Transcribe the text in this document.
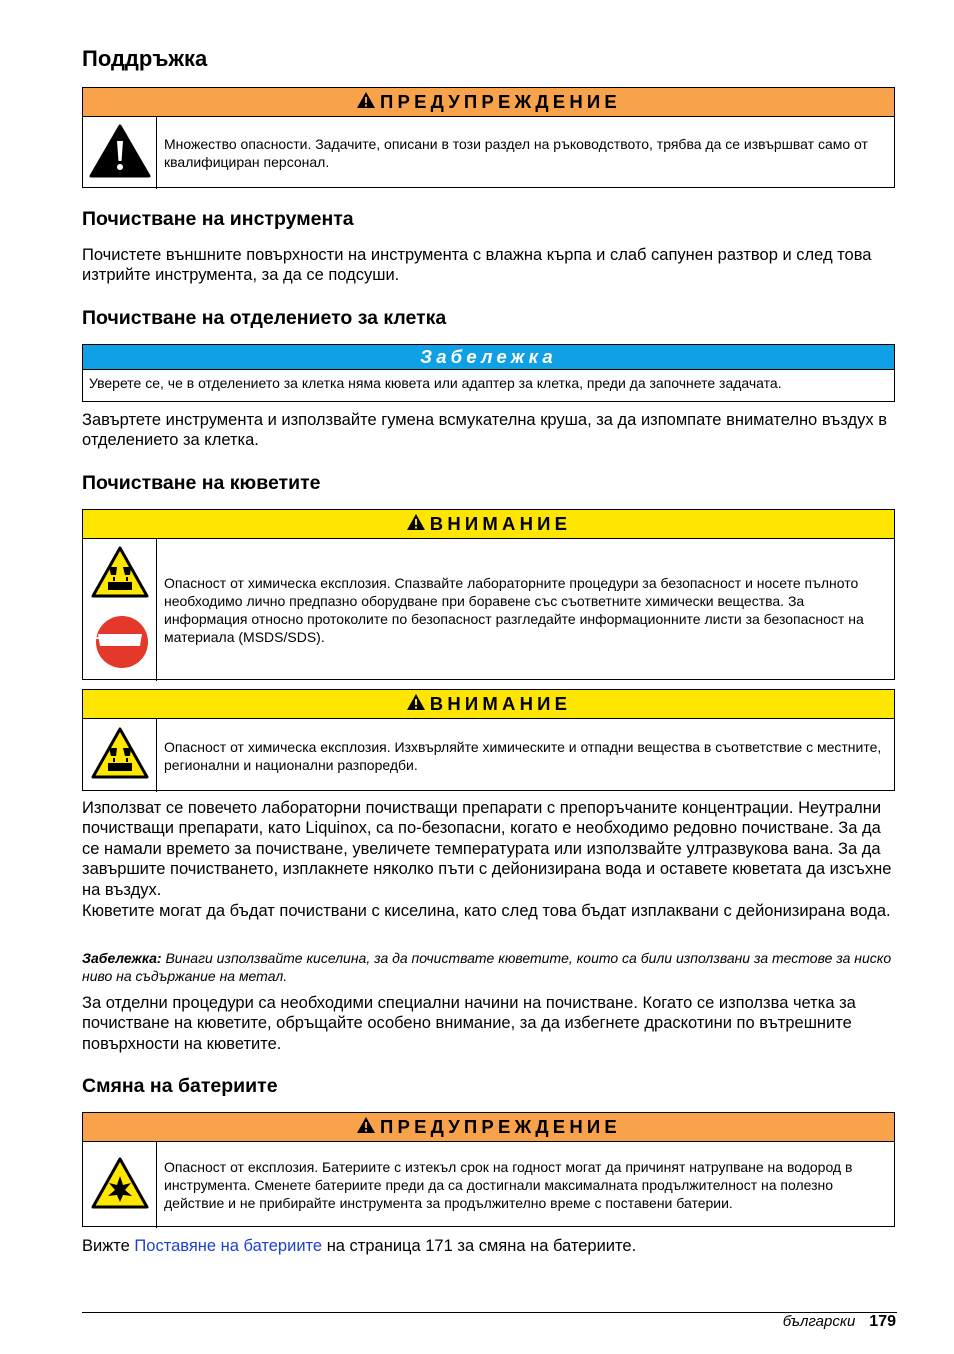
Поддръжка
ПРЕДУПРЕЖДЕНИЕ
Множество опасности. Задачите, описани в този раздел на ръководството, трябва да се извършват само от квалифициран персонал.
Почистване на инструмента

Почистете външните повърхности на инструмента с влажна кърпа и слаб сапунен разтвор и след това изтрийте инструмента, за да се подсуши.

Почистване на отделението за клетка
Забележка
Уверете се, че в отделението за клетка няма кювета или адаптер за клетка, преди да започнете задачата.

Завъртете инструмента и използвайте гумена всмукателна круша, за да изпомпате внимателно въздух в отделението за клетка.

Почистване на кюветите
ВНИМАНИЕ
Опасност от химическа експлозия. Спазвайте лабораторните процедури за безопасност и носете пълното необходимо лично предпазно оборудване при боравене със съответните химически вещества. За информация относно протоколите по безопасност разгледайте информационните листи за безопасност на материала (MSDS/SDS).
ВНИМАНИЕ
Опасност от химическа експлозия. Изхвърляйте химическите и отпадни вещества в съответствие с местните, регионални и национални разпоредби.

Използват се повечето лабораторни почистващи препарати с препоръчаните концентрации. Неутрални почистващи препарати, като Liquinox, са по-безопасни, когато е необходимо редовно почистване. За да се намали времето за почистване, увеличете температурата или използвайте ултразвукова вана. За да завършите почистването, изплакнете няколко пъти с дейонизирана вода и оставете кюветата да изсъхне на въздух.

Кюветите могат да бъдат почиствани с киселина, като след това бъдат изплаквани с дейонизирана вода.

Забележка: Винаги използвайте киселина, за да почиствате кюветите, които са били използвани за тестове за ниско ниво на съдържание на метал.

За отделни процедури са необходими специални начини на почистване. Когато се използва четка за почистване на кюветите, обръщайте особено внимание, за да избегнете драскотини по вътрешните повърхности на кюветите.

Смяна на батериите
ПРЕДУПРЕЖДЕНИЕ
Опасност от експлозия. Батериите с изтекъл срок на годност могат да причинят натрупване на водород в инструмента. Сменете батериите преди да са достигнали максималната продължителност на полезно действие и не прибирайте инструмента за продължително време с поставени батерии.

Вижте Поставяне на батериите на страница 171 за смяна на батериите.

български 179
